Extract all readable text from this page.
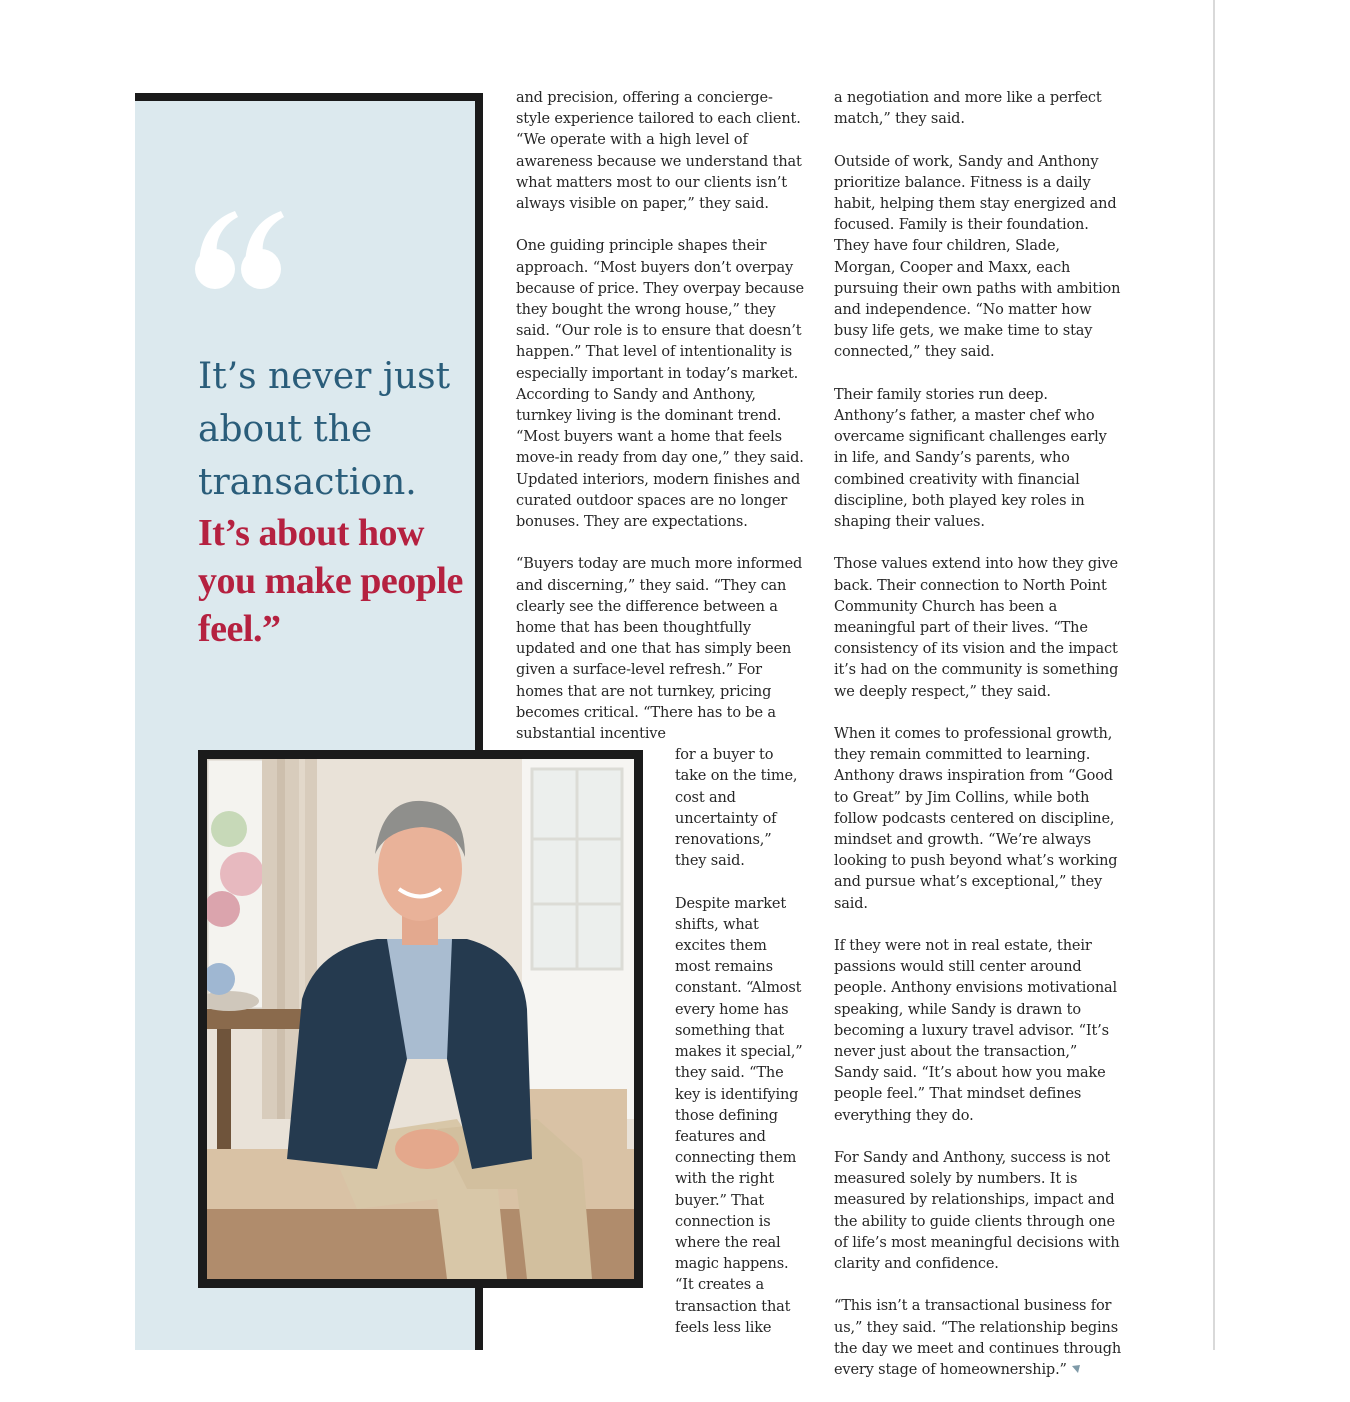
It’s never just about the transaction.
It’s about how you make people feel.”

and precision, offering a concierge-style experience tailored to each client. “We operate with a high level of awareness because we understand that what matters most to our clients isn’t always visible on paper,” they said.

One guiding principle shapes their approach. “Most buyers don’t overpay because of price. They overpay because they bought the wrong house,” they said. “Our role is to ensure that doesn’t happen.” That level of intentionality is especially important in today’s market. According to Sandy and Anthony, turnkey living is the dominant trend. “Most buyers want a home that feels move-in ready from day one,” they said. Updated interiors, modern finishes and curated outdoor spaces are no longer bonuses. They are expectations.

“Buyers today are much more informed and discerning,” they said. “They can clearly see the difference between a home that has been thoughtfully updated and one that has simply been given a surface-level refresh.” For homes that are not turnkey, pricing becomes critical. “There has to be a substantial incentive

for a buyer to take on the time, cost and uncertainty of renovations,” they said.

Despite market shifts, what excites them most remains constant. “Almost every home has something that makes it special,” they said. “The key is identifying those defining features and connecting them with the right buyer.” That connection is where the real magic happens. “It creates a transaction that feels less like

a negotiation and more like a perfect match,” they said.

Outside of work, Sandy and Anthony prioritize balance. Fitness is a daily habit, helping them stay energized and focused. Family is their foundation. They have four children, Slade, Morgan, Cooper and Maxx, each pursuing their own paths with ambition and independence. “No matter how busy life gets, we make time to stay connected,” they said.

Their family stories run deep. Anthony’s father, a master chef who overcame significant challenges early in life, and Sandy’s parents, who combined creativity with financial discipline, both played key roles in shaping their values.

Those values extend into how they give back. Their connection to North Point Community Church has been a meaningful part of their lives. “The consistency of its vision and the impact it’s had on the community is something we deeply respect,” they said.

When it comes to professional growth, they remain committed to learning. Anthony draws inspiration from “Good to Great” by Jim Collins, while both follow podcasts centered on discipline, mindset and growth. “We’re always looking to push beyond what’s working and pursue what’s exceptional,” they said.

If they were not in real estate, their passions would still center around people. Anthony envisions motivational speaking, while Sandy is drawn to becoming a luxury travel advisor. “It’s never just about the transaction,” Sandy said. “It’s about how you make people feel.” That mindset defines everything they do.

For Sandy and Anthony, success is not measured solely by numbers. It is measured by relationships, impact and the ability to guide clients through one of life’s most meaningful decisions with clarity and confidence.

“This isn’t a transactional business for us,” they said. “The relationship begins the day we meet and continues through every stage of homeownership.”
